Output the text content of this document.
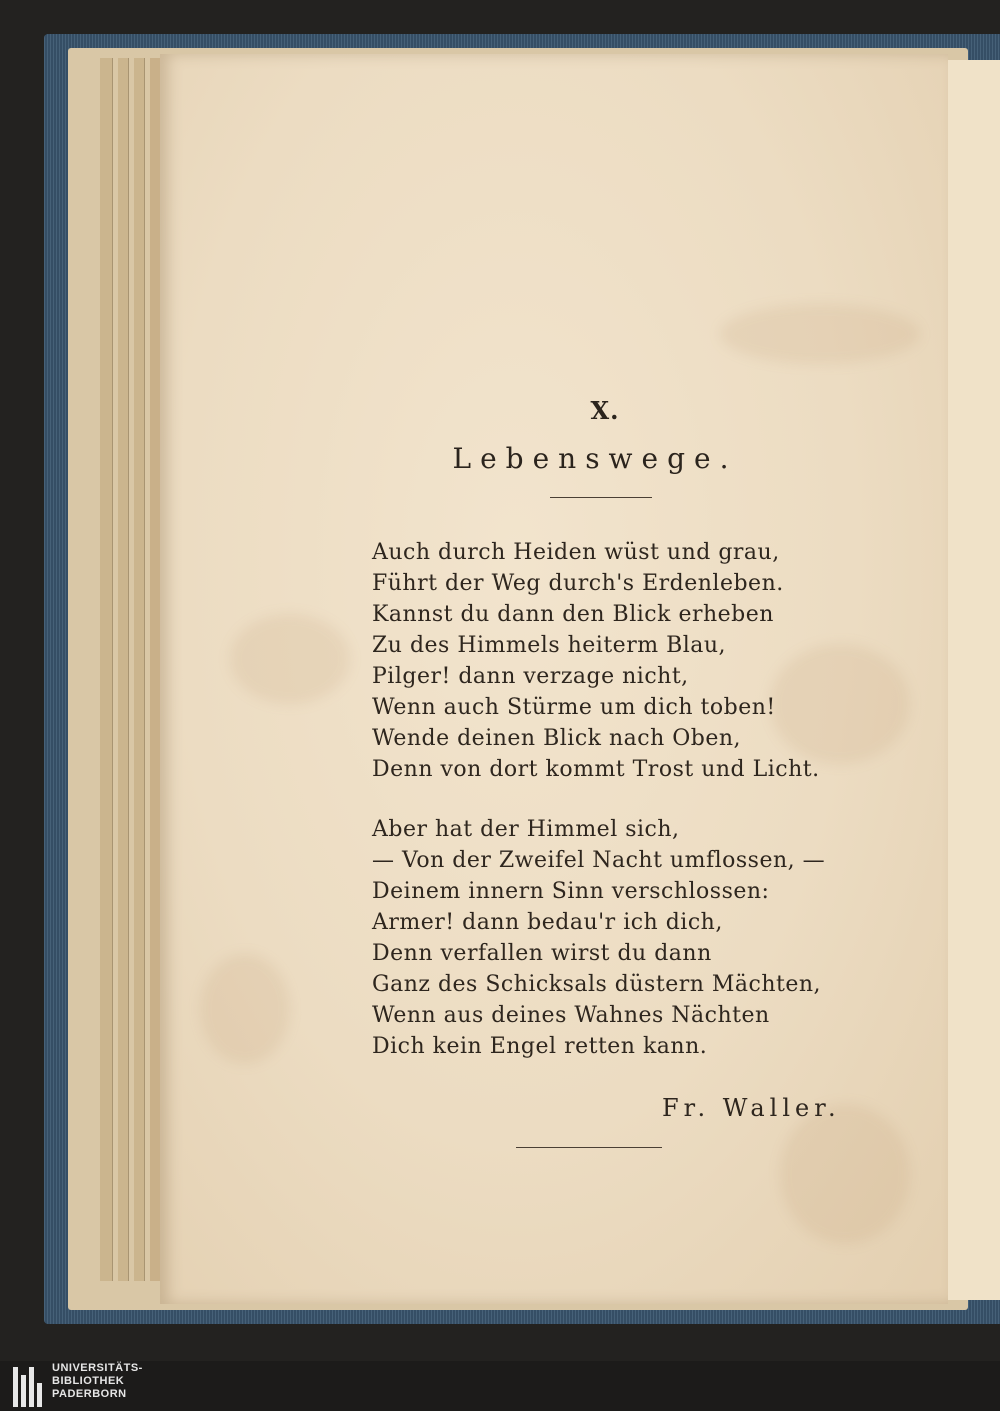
X.
Lebenswege.
Auch durch Heiden wüst und grau,
Führt der Weg durch's Erdenleben.
Kannst du dann den Blick erheben
Zu des Himmels heiterm Blau,
Pilger! dann verzage nicht,
Wenn auch Stürme um dich toben!
Wende deinen Blick nach Oben,
Denn von dort kommt Trost und Licht.
Aber hat der Himmel sich,
— Von der Zweifel Nacht umflossen, —
Deinem innern Sinn verschlossen:
Armer! dann bedau'r ich dich,
Denn verfallen wirst du dann
Ganz des Schicksals düstern Mächten,
Wenn aus deines Wahnes Nächten
Dich kein Engel retten kann.
Fr. Waller.
UNIVERSITÄTS-
BIBLIOTHEK
PADERBORN
